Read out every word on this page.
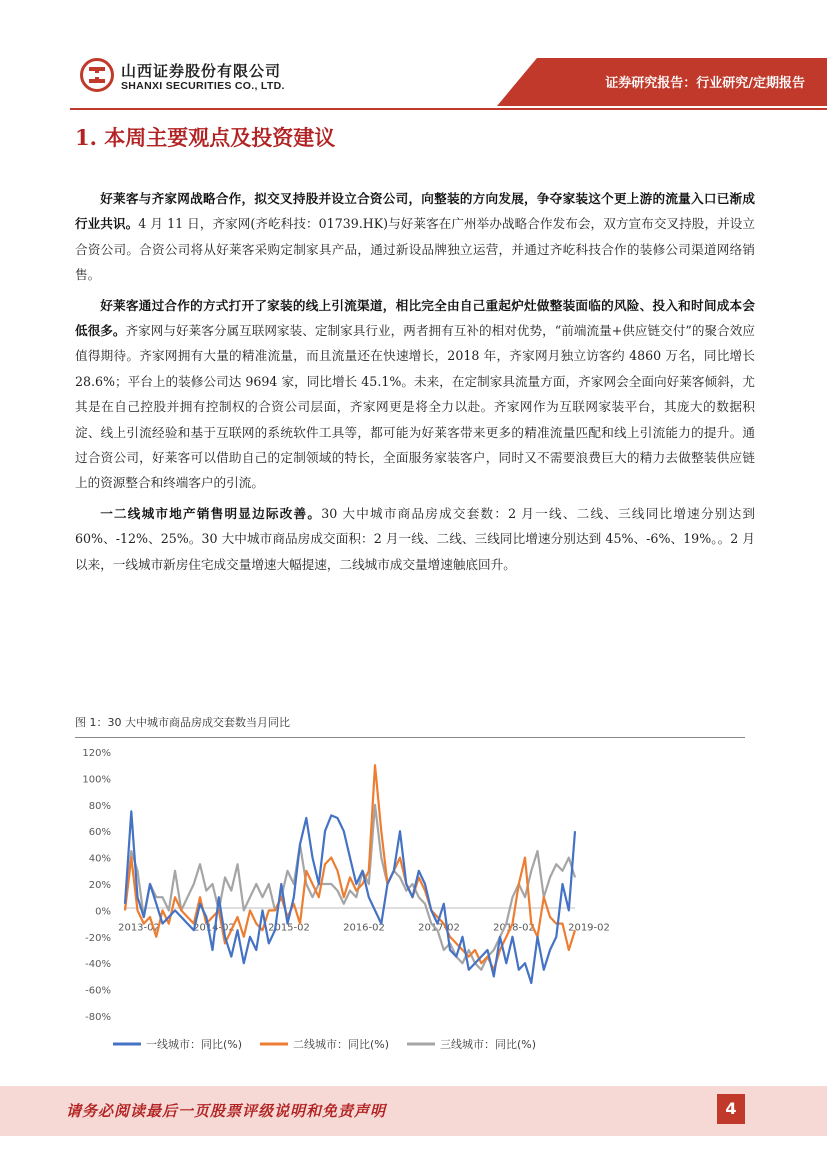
山西证券股份有限公司
SHANXI SECURITIES CO., LTD.	证券研究报告：行业研究/定期报告
1. 本周主要观点及投资建议

好莱客与齐家网战略合作，拟交叉持股并设立合资公司，向整装的方向发展，争夺家装这个更上游的流量入口已渐成行业共识。4 月 11 日，齐家网(齐屹科技：01739.HK)与好莱客在广州举办战略合作发布会，双方宣布交叉持股，并设立合资公司。合资公司将从好莱客采购定制家具产品，通过新设品牌独立运营，并通过齐屹科技合作的装修公司渠道网络销售。

好莱客通过合作的方式打开了家装的线上引流渠道，相比完全由自己重起炉灶做整装面临的风险、投入和时间成本会低很多。齐家网与好莱客分属互联网家装、定制家具行业，两者拥有互补的相对优势，“前端流量+供应链交付”的聚合效应值得期待。齐家网拥有大量的精准流量，而且流量还在快速增长，2018 年，齐家网月独立访客约 4860 万名，同比增长 28.6%；平台上的装修公司达 9694 家，同比增长 45.1%。未来，在定制家具流量方面，齐家网会全面向好莱客倾斜，尤其是在自己控股并拥有控制权的合资公司层面，齐家网更是将全力以赴。齐家网作为互联网家装平台，其庞大的数据积淀、线上引流经验和基于互联网的系统软件工具等，都可能为好莱客带来更多的精准流量匹配和线上引流能力的提升。通过合资公司，好莱客可以借助自己的定制领域的特长，全面服务家装客户，同时又不需要浪费巨大的精力去做整装供应链上的资源整合和终端客户的引流。

一二线城市地产销售明显边际改善。30 大中城市商品房成交套数：2 月一线、二线、三线同比增速分别达到 60%、-12%、25%。30 大中城市商品房成交面积：2 月一线、二线、三线同比增速分别达到 45%、-6%、19%。。2 月以来，一线城市新房住宅成交量增速大幅提速，二线城市成交量增速触底回升。

图 1：30 大中城市商品房成交套数当月同比
120%
100%
80%
60%
40%
20%
0%
-20%
-40%
-60%
-80%
2013-02	2014-02	2015-02	2016-02	2017-02	2018-02	2019-02
一线城市：同比(%)	二线城市：同比(%)	三线城市：同比(%)
请务必阅读最后一页股票评级说明和免责声明	4
